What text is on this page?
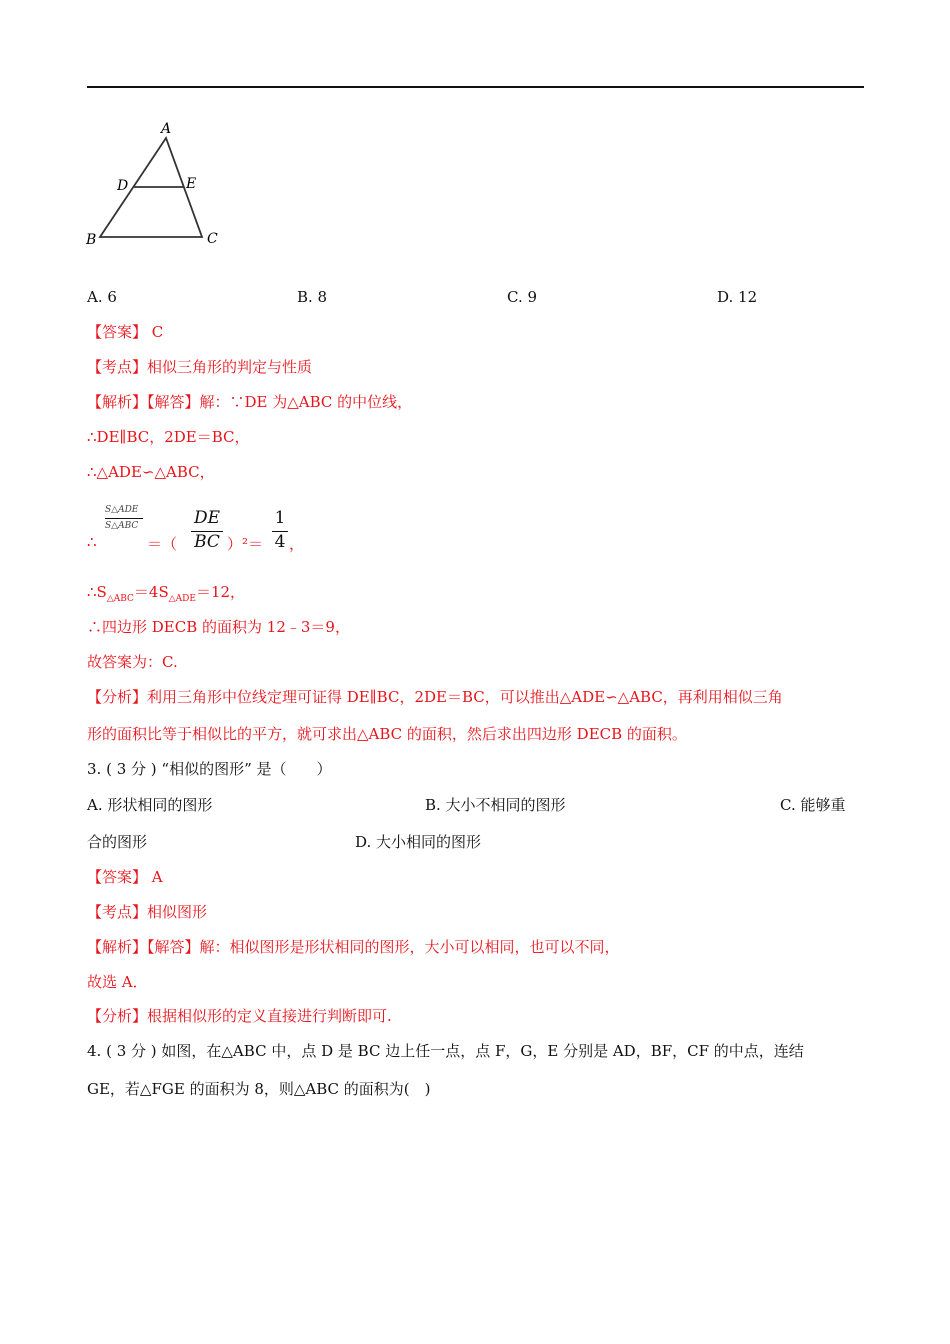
A
D	E
B	C
A. 6	B. 8	C. 9	D. 12
【答案】 C
【考点】相似三角形的判定与性质
【解析】【解答】解：∵DE 为△ABC 的中位线，
∴DE∥BC，2DE＝BC，
∴△ADE∽△ABC，
∴
S△ADE
S△ABC
＝（
DE
BC ）²＝
1
4 ，
$\therefore S_{\triangle ABC}=4S_{\triangle ADE}=12$，
∴四边形 DECB 的面积为 12﹣3＝9，
故答案为：C.
【分析】利用三角形中位线定理可证得 DE∥BC，2DE＝BC，可以推出△ADE∽△ABC，再利用相似三角
形的面积比等于相似比的平方，就可求出△ABC 的面积，然后求出四边形 DECB 的面积。
3. ( 3 分 ) “相似的图形” 是（　　）
A. 形状相同的图形	B. 大小不相同的图形	C. 能够重
合的图形	D. 大小相同的图形
【答案】 A
【考点】相似图形
【解析】【解答】解：相似图形是形状相同的图形，大小可以相同，也可以不同，
故选 A．
【分析】根据相似形的定义直接进行判断即可.
4. ( 3 分 ) 如图，在△ABC 中，点 D 是 BC 边上任一点，点 F，G，E 分别是 AD，BF，CF 的中点，连结
GE，若△FGE 的面积为 8，则△ABC 的面积为(　)
